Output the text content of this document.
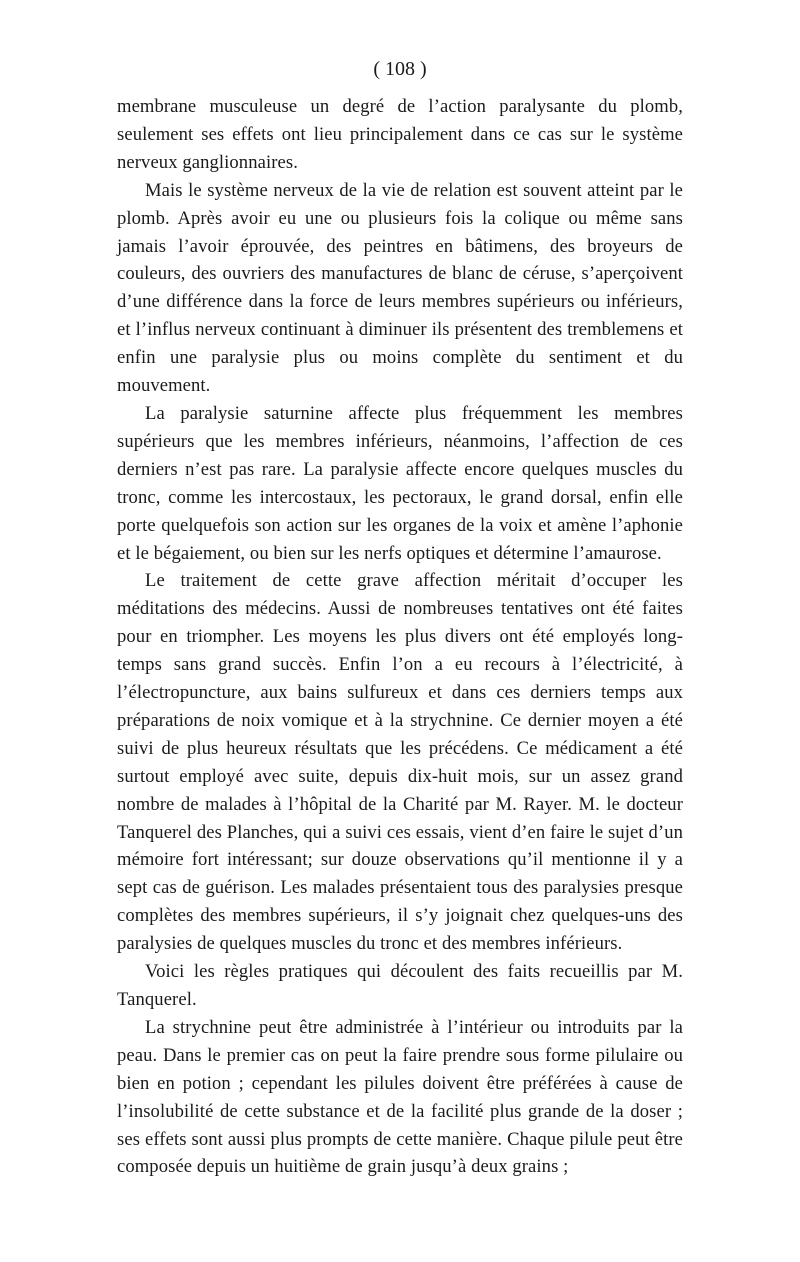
( 108 )

membrane musculeuse un degré de l’action paralysante du plomb, seulement ses effets ont lieu principalement dans ce cas sur le système nerveux ganglionnaires.

Mais le système nerveux de la vie de relation est souvent atteint par le plomb. Après avoir eu une ou plusieurs fois la colique ou même sans jamais l’avoir éprouvée, des peintres en bâtimens, des broyeurs de couleurs, des ouvriers des manufactures de blanc de céruse, s’aperçoivent d’une différence dans la force de leurs membres supérieurs ou inférieurs, et l’influs nerveux continuant à diminuer ils présentent des tremblemens et enfin une paralysie plus ou moins complète du sentiment et du mouvement.

La paralysie saturnine affecte plus fréquemment les membres supérieurs que les membres inférieurs, néanmoins, l’affection de ces derniers n’est pas rare. La paralysie affecte encore quelques muscles du tronc, comme les intercostaux, les pectoraux, le grand dorsal, enfin elle porte quelquefois son action sur les organes de la voix et amène l’aphonie et le bégaiement, ou bien sur les nerfs optiques et détermine l’amaurose.

Le traitement de cette grave affection méritait d’occuper les méditations des médecins. Aussi de nombreuses tentatives ont été faites pour en triompher. Les moyens les plus divers ont été employés long-temps sans grand succès. Enfin l’on a eu recours à l’électricité, à l’électropuncture, aux bains sulfureux et dans ces derniers temps aux préparations de noix vomique et à la strychnine. Ce dernier moyen a été suivi de plus heureux résultats que les précédens. Ce médicament a été surtout employé avec suite, depuis dix-huit mois, sur un assez grand nombre de malades à l’hôpital de la Charité par M. Rayer. M. le docteur Tanquerel des Planches, qui a suivi ces essais, vient d’en faire le sujet d’un mémoire fort intéressant; sur douze observations qu’il mentionne il y a sept cas de guérison. Les malades présentaient tous des paralysies presque complètes des membres supérieurs, il s’y joignait chez quelques-uns des paralysies de quelques muscles du tronc et des membres inférieurs.

Voici les règles pratiques qui découlent des faits recueillis par M. Tanquerel.

La strychnine peut être administrée à l’intérieur ou introduits par la peau. Dans le premier cas on peut la faire prendre sous forme pilulaire ou bien en potion ; cependant les pilules doivent être préférées à cause de l’insolubilité de cette substance et de la facilité plus grande de la doser ; ses effets sont aussi plus prompts de cette manière. Chaque pilule peut être composée depuis un huitième de grain jusqu’à deux grains ;
